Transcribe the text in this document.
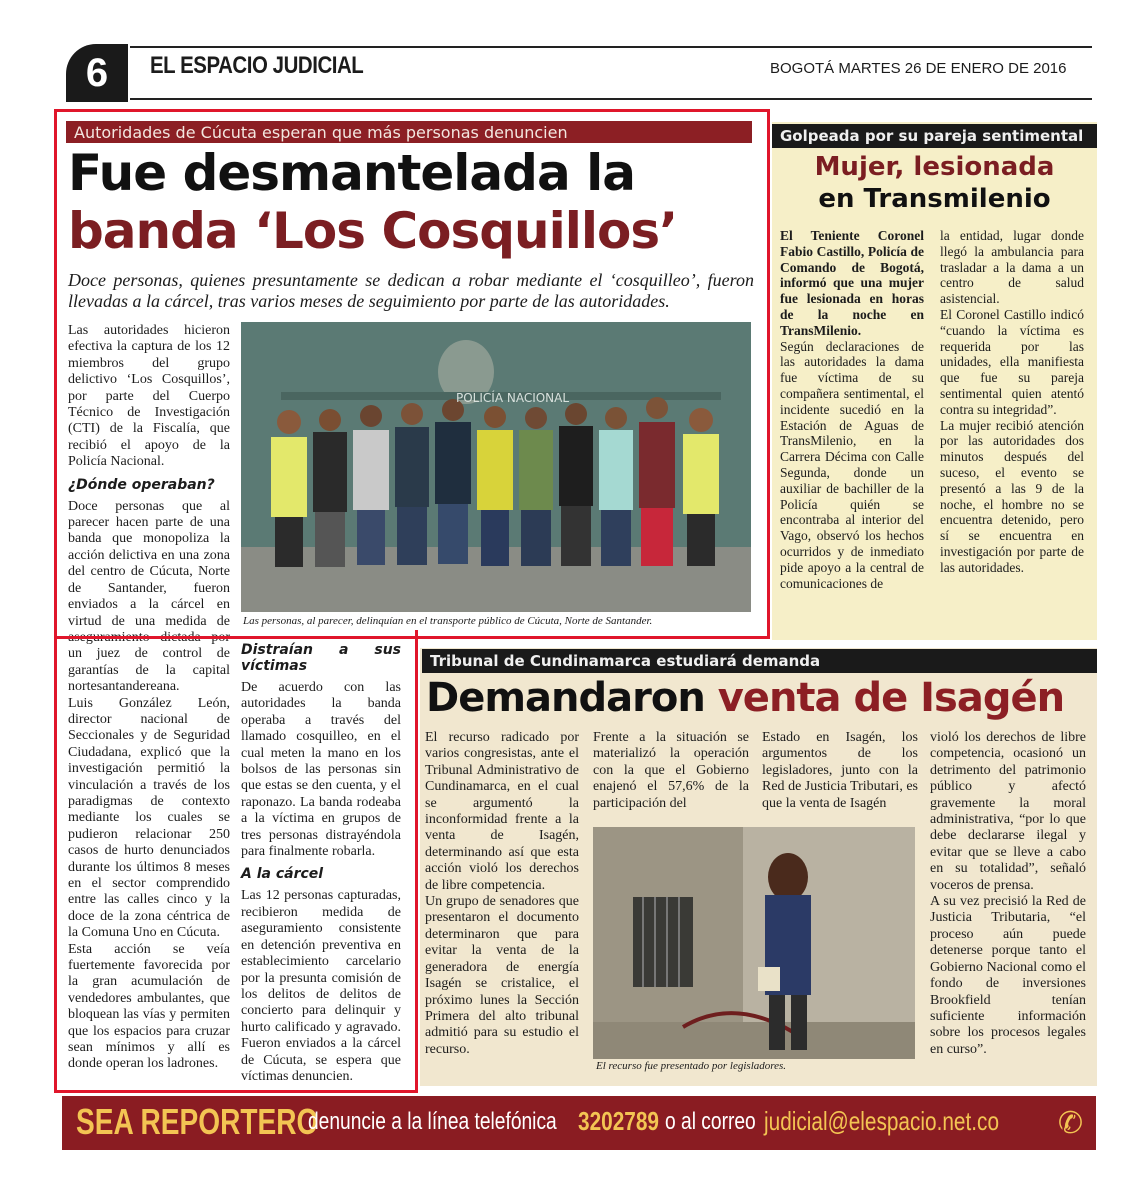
6	EL ESPACIO JUDICIAL	BOGOTÁ MARTES 26 DE ENERO DE 2016
Autoridades de Cúcuta esperan que más personas denuncien
Fue desmantelada la
banda ‘Los Cosquillos’
Doce personas, quienes presuntamente se dedican a robar mediante el ‘cosquilleo’, fueron llevadas a la cárcel, tras varios meses de seguimiento por parte de las autoridades.

Las autoridades hicieron efectiva la captura de los 12 miembros del grupo delictivo ‘Los Cosquillos’, por parte del Cuerpo Técnico de Investigación (CTI) de la Fiscalía, que recibió el apoyo de la Policía Nacional.

¿Dónde operaban?

Doce personas que al parecer hacen parte de una banda que monopoliza la acción delictiva en una zona del centro de Cúcuta, Norte de Santander, fueron enviados a la cárcel en virtud de una medida de aseguramiento dictada por un juez de control de garantías de la capital nortesantandereana.

Luis González León, director nacional de Seccionales y de Seguridad Ciudadana, explicó que la investigación permitió la vinculación a través de los paradigmas de contexto mediante los cuales se pudieron relacionar 250 casos de hurto denunciados durante los últimos 8 meses en el sector comprendido entre las calles cinco y la doce de la zona céntrica de la Comuna Uno en Cúcuta.

Esta acción se veía fuertemente favorecida por la gran acumulación de vendedores ambulantes, que bloquean las vías y permiten que los espacios para cruzar sean mínimos y allí es donde operan los ladrones.

POLICÍA NACIONAL
Las personas, al parecer, delinquían en el transporte público de Cúcuta, Norte de Santander.
Distraían a sus víctimas

De acuerdo con las autoridades la banda operaba a través del llamado cosquilleo, en el cual meten la mano en los bolsos de las personas sin que estas se den cuenta, y el raponazo. La banda rodeaba a la víctima en grupos de tres personas distrayéndola para finalmente robarla.

A la cárcel

Las 12 personas capturadas, recibieron medida de aseguramiento consistente en detención preventiva en establecimiento carcelario por la presunta comisión de los delitos de delitos de concierto para delinquir y hurto calificado y agravado. Fueron enviados a la cárcel de Cúcuta, se espera que víctimas denuncien.

Golpeada por su pareja sentimental
Mujer, lesionada
en Transmilenio

El Teniente Coronel Fabio Castillo, Policía de Comando de Bogotá, informó que una mujer fue lesionada en horas de la noche en TransMilenio.

Según declaraciones de las autoridades la dama fue víctima de su compañera sentimental, el incidente sucedió en la Estación de Aguas de TransMilenio, en la Carrera Décima con Calle Segunda, donde un auxiliar de bachiller de la Policía quién se encontraba al interior del Vago, observó los hechos ocurridos y de inmediato pide apoyo a la central de comunicaciones de

la entidad, lugar donde llegó la ambulancia para trasladar a la dama a un centro de salud asistencial.

El Coronel Castillo indicó “cuando la víctima es requerida por las unidades, ella manifiesta que fue su pareja sentimental quien atentó contra su integridad”.

La mujer recibió atención por las autoridades dos minutos después del suceso, el evento se presentó a las 9 de la noche, el hombre no se encuentra detenido, pero sí se encuentra en investigación por parte de las autoridades.

Tribunal de Cundinamarca estudiará demanda
Demandaron venta de Isagén

El recurso radicado por varios congresistas, ante el Tribunal Administrativo de Cundinamarca, en el cual se argumentó la inconformidad frente a la venta de Isagén, determinando así que esta acción violó los derechos de libre competencia.

Un grupo de senadores que presentaron el documento determinaron que para evitar la venta de la generadora de energía Isagén se cristalice, el próximo lunes la Sección Primera del alto tribunal admitió para su estudio el recurso.

Frente a la situación se materializó la operación con la que el Gobierno enajenó el 57,6% de la participación del
Estado en Isagén, los argumentos de los legisladores, junto con la Red de Justicia Tributari, es que la venta de Isagén

violó los derechos de libre competencia, ocasionó un detrimento del patrimonio público y afectó gravemente la moral administrativa, “por lo que debe declararse ilegal y evitar que se lleve a cabo en su totalidad”, señaló voceros de prensa.

A su vez precisió la Red de Justicia Tributaria, “el proceso aún puede detenerse porque tanto el Gobierno Nacional como el fondo de inversiones Brookfield tenían suficiente información sobre los procesos legales en curso”.

El recurso fue presentado por legisladores.
SEA REPORTERO
denuncie a la línea telefónica 3202789 o al correo judicial@elespacio.net.co ✆
